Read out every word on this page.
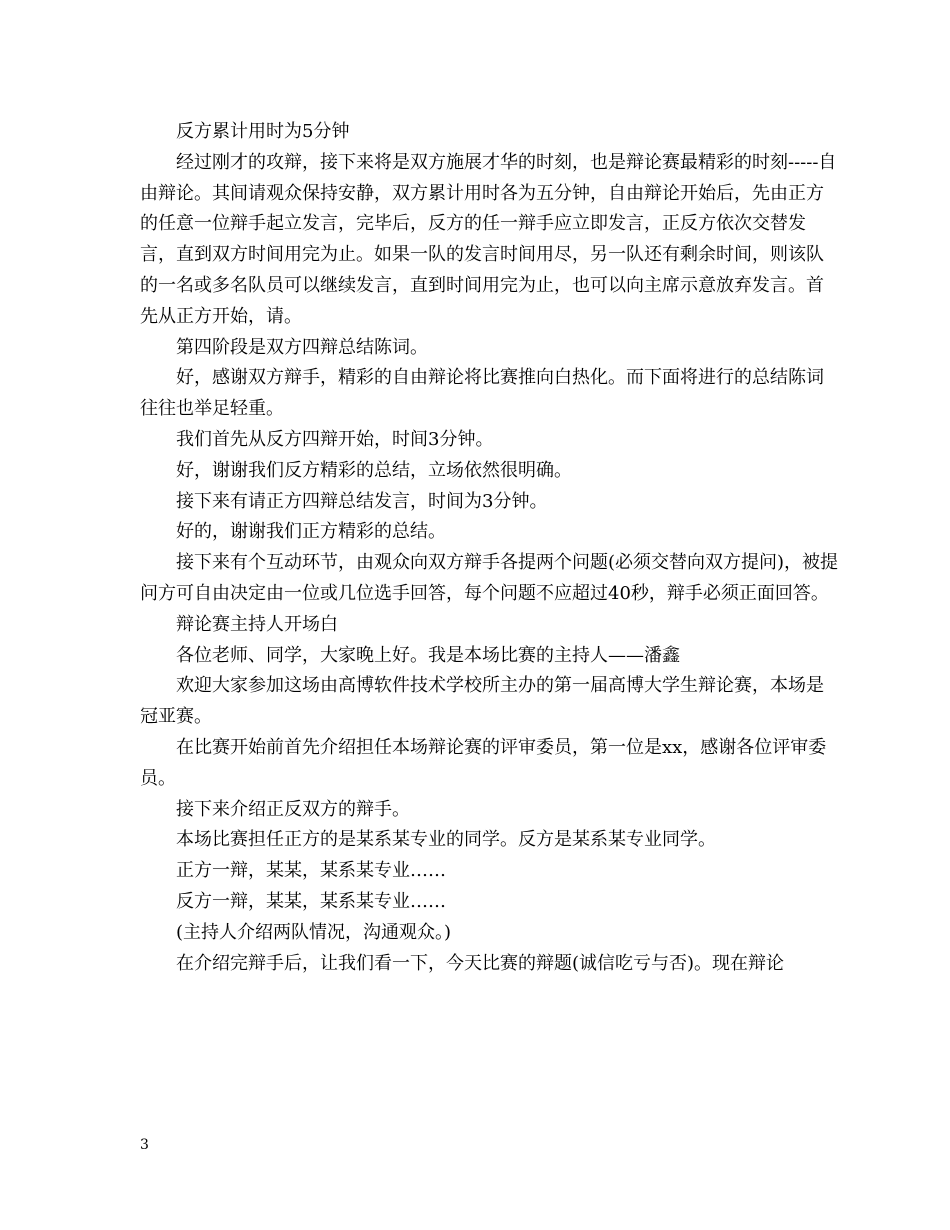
反方累计用时为5分钟

经过刚才的攻辩，接下来将是双方施展才华的时刻，也是辩论赛最精彩的时刻-----自由辩论。其间请观众保持安静，双方累计用时各为五分钟，自由辩论开始后，先由正方的任意一位辩手起立发言，完毕后，反方的任一辩手应立即发言，正反方依次交替发言，直到双方时间用完为止。如果一队的发言时间用尽，另一队还有剩余时间，则该队的一名或多名队员可以继续发言，直到时间用完为止，也可以向主席示意放弃发言。首先从正方开始，请。

第四阶段是双方四辩总结陈词。

好，感谢双方辩手，精彩的自由辩论将比赛推向白热化。而下面将进行的总结陈词往往也举足轻重。

我们首先从反方四辩开始，时间3分钟。

好，谢谢我们反方精彩的总结，立场依然很明确。

接下来有请正方四辩总结发言，时间为3分钟。

好的，谢谢我们正方精彩的总结。

接下来有个互动环节，由观众向双方辩手各提两个问题(必须交替向双方提问)，被提问方可自由决定由一位或几位选手回答，每个问题不应超过40秒，辩手必须正面回答。

辩论赛主持人开场白

各位老师、同学，大家晚上好。我是本场比赛的主持人——潘鑫

欢迎大家参加这场由高博软件技术学校所主办的第一届高博大学生辩论赛，本场是冠亚赛。

在比赛开始前首先介绍担任本场辩论赛的评审委员，第一位是xx，感谢各位评审委员。

接下来介绍正反双方的辩手。

本场比赛担任正方的是某系某专业的同学。反方是某系某专业同学。

正方一辩，某某，某系某专业……

反方一辩，某某，某系某专业……

(主持人介绍两队情况，沟通观众。)

在介绍完辩手后，让我们看一下，今天比赛的辩题(诚信吃亏与否)。现在辩论

3
